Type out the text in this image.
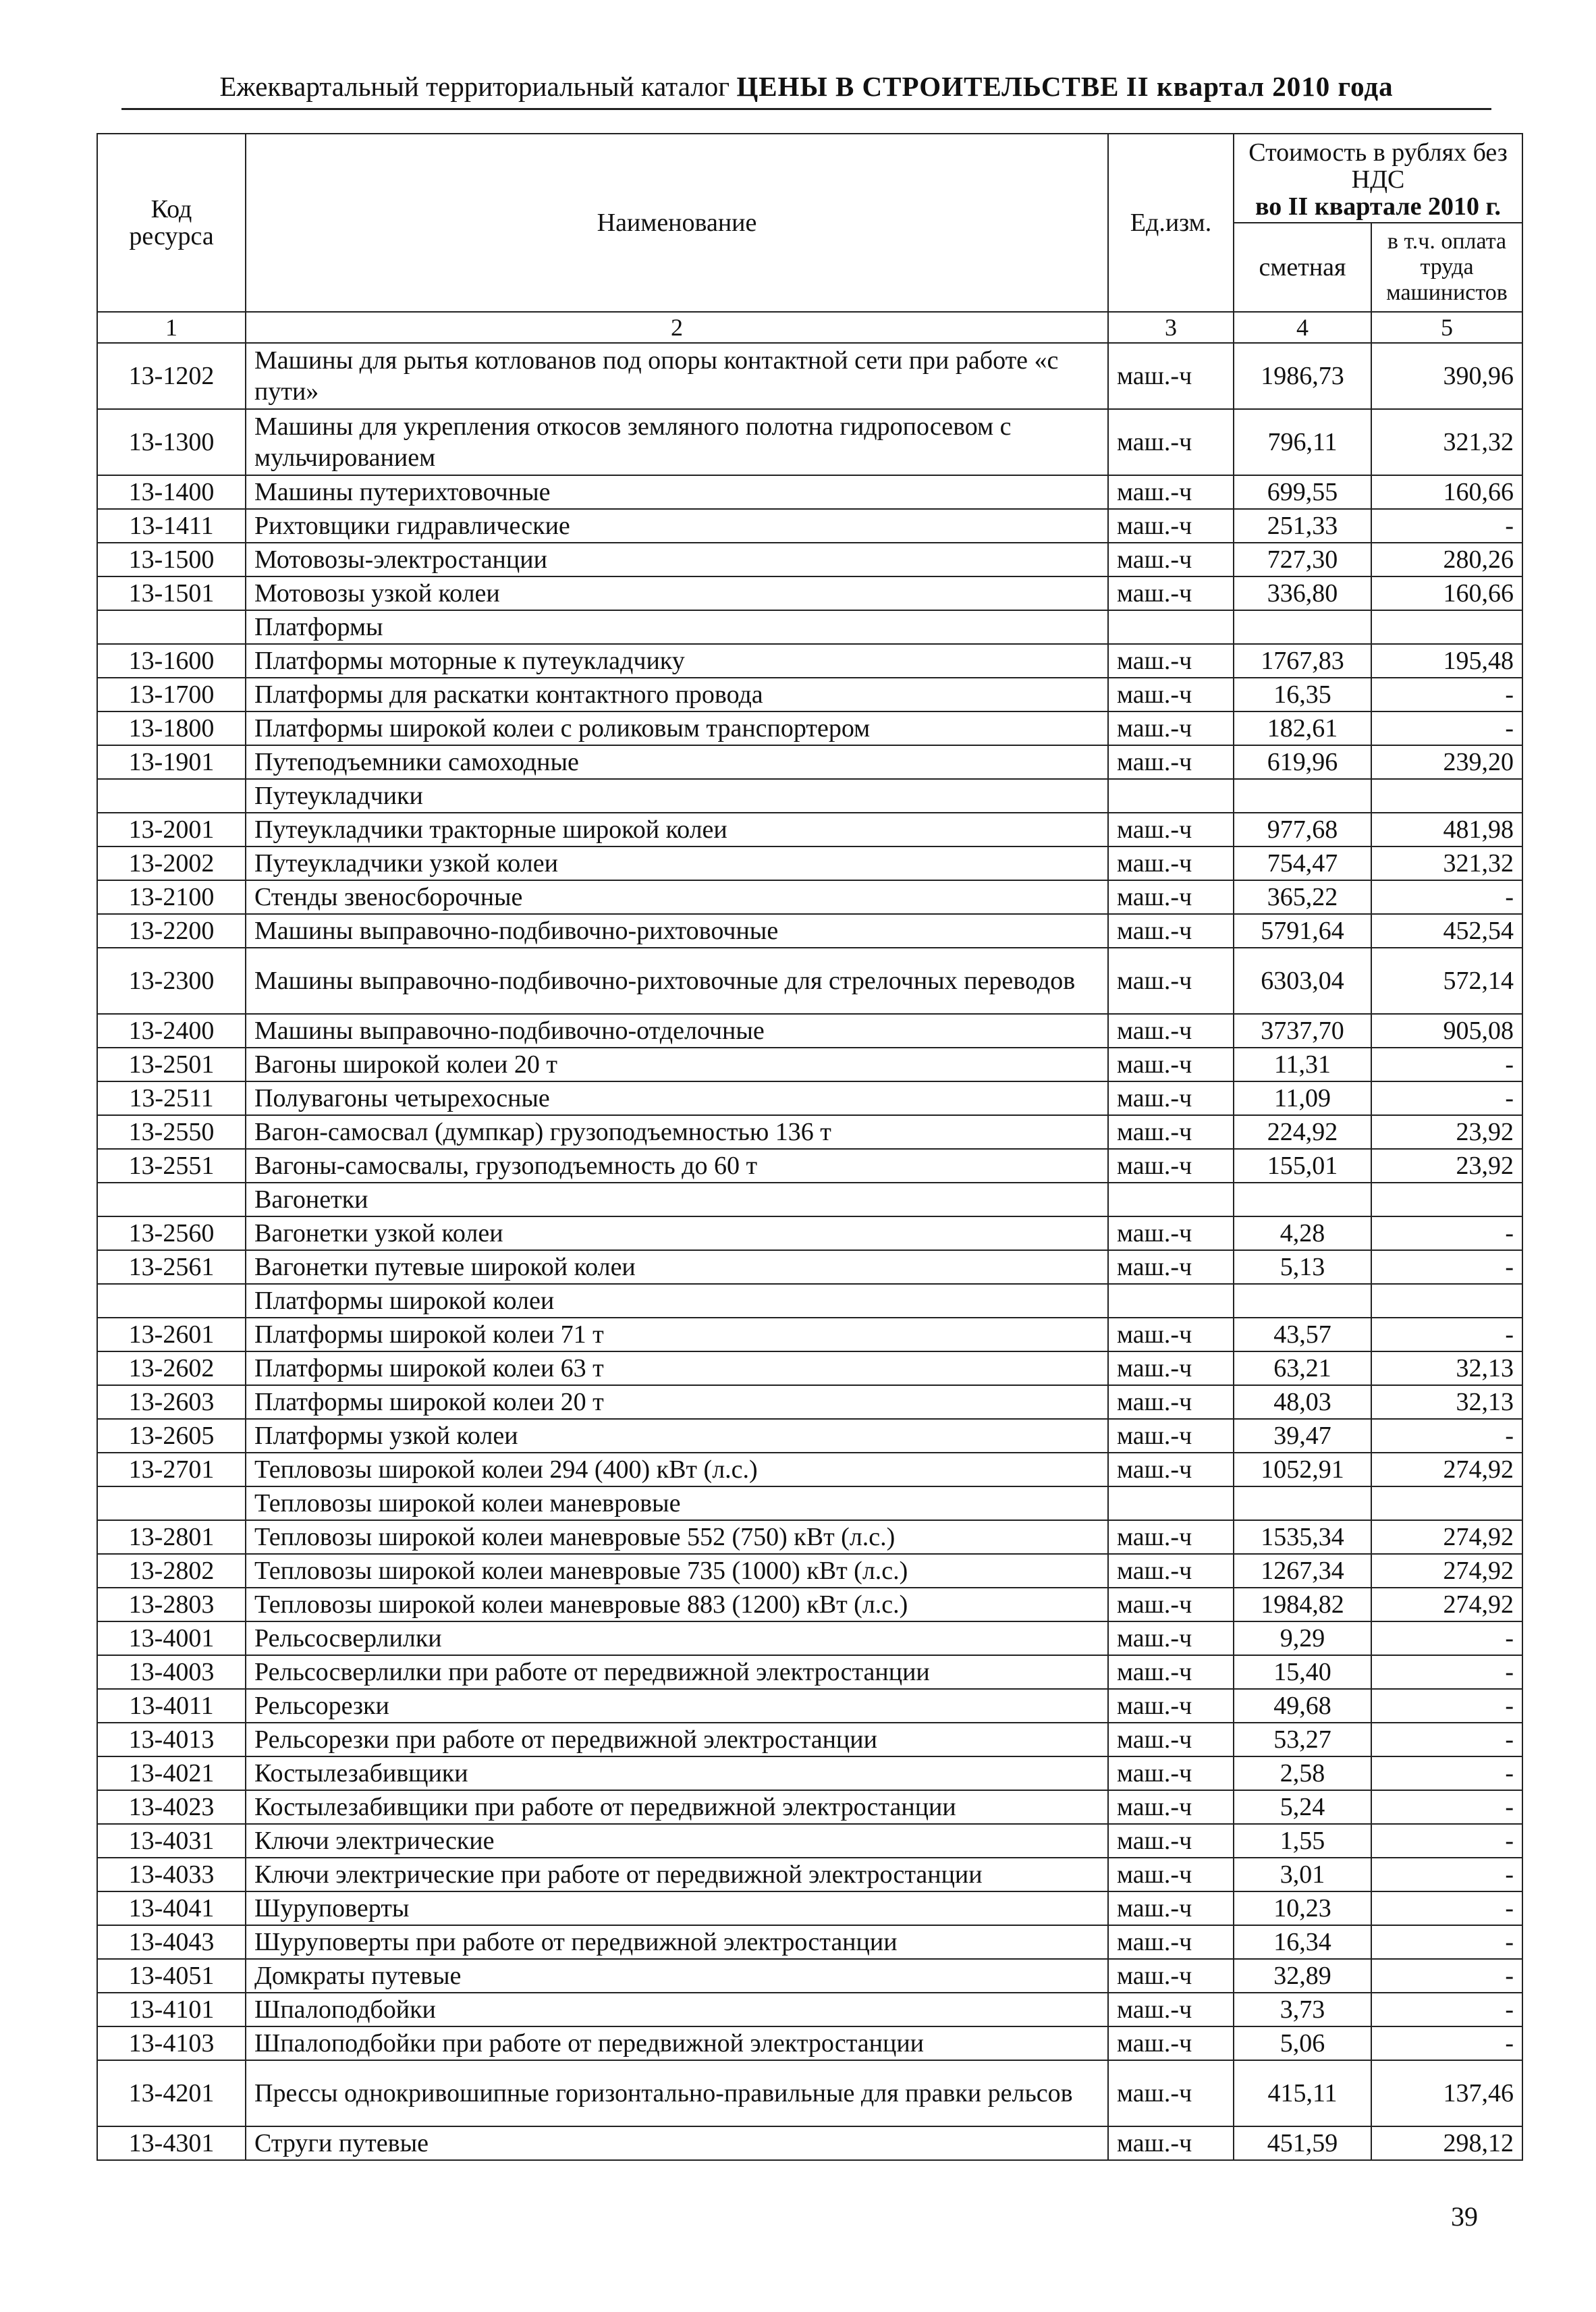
Ежеквартальный территориальный каталог ЦЕНЫ В СТРОИТЕЛЬСТВЕ II квартал 2010 года
Код ресурса	Наименование	Ед.изм.	Стоимость в рублях без НДС
во II квартале 2010 г.	

			сметная	в т.ч. оплата труда машинистов
1	2	3	4	5
13-1202	Машины для рытья котлованов под опоры контактной сети при работе «с пути»	маш.-ч	1986,73	390,96
13-1300	Машины для укрепления откосов земляного полотна гидропосевом с мульчированием	маш.-ч	796,11	321,32
13-1400	Машины путерихтовочные	маш.-ч	699,55	160,66
13-1411	Рихтовщики гидравлические	маш.-ч	251,33	-
13-1500	Мотовозы-электростанции	маш.-ч	727,30	280,26
13-1501	Мотовозы узкой колеи	маш.-ч	336,80	160,66
	Платформы			
13-1600	Платформы моторные к путеукладчику	маш.-ч	1767,83	195,48
13-1700	Платформы для раскатки контактного провода	маш.-ч	16,35	-
13-1800	Платформы широкой колеи с роликовым транспортером	маш.-ч	182,61	-
13-1901	Путеподъемники самоходные	маш.-ч	619,96	239,20
	Путеукладчики			
13-2001	Путеукладчики тракторные широкой колеи	маш.-ч	977,68	481,98
13-2002	Путеукладчики узкой колеи	маш.-ч	754,47	321,32
13-2100	Стенды звеносборочные	маш.-ч	365,22	-
13-2200	Машины выправочно-подбивочно-рихтовочные	маш.-ч	5791,64	452,54
13-2300	Машины выправочно-подбивочно-рихтовочные для стрелочных переводов	маш.-ч	6303,04	572,14
13-2400	Машины выправочно-подбивочно-отделочные	маш.-ч	3737,70	905,08
13-2501	Вагоны широкой колеи 20 т	маш.-ч	11,31	-
13-2511	Полувагоны четырехосные	маш.-ч	11,09	-
13-2550	Вагон-самосвал (думпкар) грузоподъемностью 136 т	маш.-ч	224,92	23,92
13-2551	Вагоны-самосвалы, грузоподъемность до 60 т	маш.-ч	155,01	23,92
	Вагонетки			
13-2560	Вагонетки узкой колеи	маш.-ч	4,28	-
13-2561	Вагонетки путевые широкой колеи	маш.-ч	5,13	-
	Платформы широкой колеи			
13-2601	Платформы широкой колеи 71 т	маш.-ч	43,57	-
13-2602	Платформы широкой колеи 63 т	маш.-ч	63,21	32,13
13-2603	Платформы широкой колеи 20 т	маш.-ч	48,03	32,13
13-2605	Платформы узкой колеи	маш.-ч	39,47	-
13-2701	Тепловозы широкой колеи 294 (400) кВт (л.с.)	маш.-ч	1052,91	274,92
	Тепловозы широкой колеи маневровые			
13-2801	Тепловозы широкой колеи маневровые 552 (750) кВт (л.с.)	маш.-ч	1535,34	274,92
13-2802	Тепловозы широкой колеи маневровые 735 (1000) кВт (л.с.)	маш.-ч	1267,34	274,92
13-2803	Тепловозы широкой колеи маневровые 883 (1200) кВт (л.с.)	маш.-ч	1984,82	274,92
13-4001	Рельсосверлилки	маш.-ч	9,29	-
13-4003	Рельсосверлилки при работе от передвижной электростанции	маш.-ч	15,40	-
13-4011	Рельсорезки	маш.-ч	49,68	-
13-4013	Рельсорезки при работе от передвижной электростанции	маш.-ч	53,27	-
13-4021	Костылезабивщики	маш.-ч	2,58	-
13-4023	Костылезабивщики при работе от передвижной электростанции	маш.-ч	5,24	-
13-4031	Ключи электрические	маш.-ч	1,55	-
13-4033	Ключи электрические при работе от передвижной электростанции	маш.-ч	3,01	-
13-4041	Шуруповерты	маш.-ч	10,23	-
13-4043	Шуруповерты при работе от передвижной электростанции	маш.-ч	16,34	-
13-4051	Домкраты путевые	маш.-ч	32,89	-
13-4101	Шпалоподбойки	маш.-ч	3,73	-
13-4103	Шпалоподбойки при работе от передвижной электростанции	маш.-ч	5,06	-
13-4201	Прессы однокривошипные горизонтально-правильные для правки рельсов	маш.-ч	415,11	137,46
13-4301	Струги путевые	маш.-ч	451,59	298,12
39
